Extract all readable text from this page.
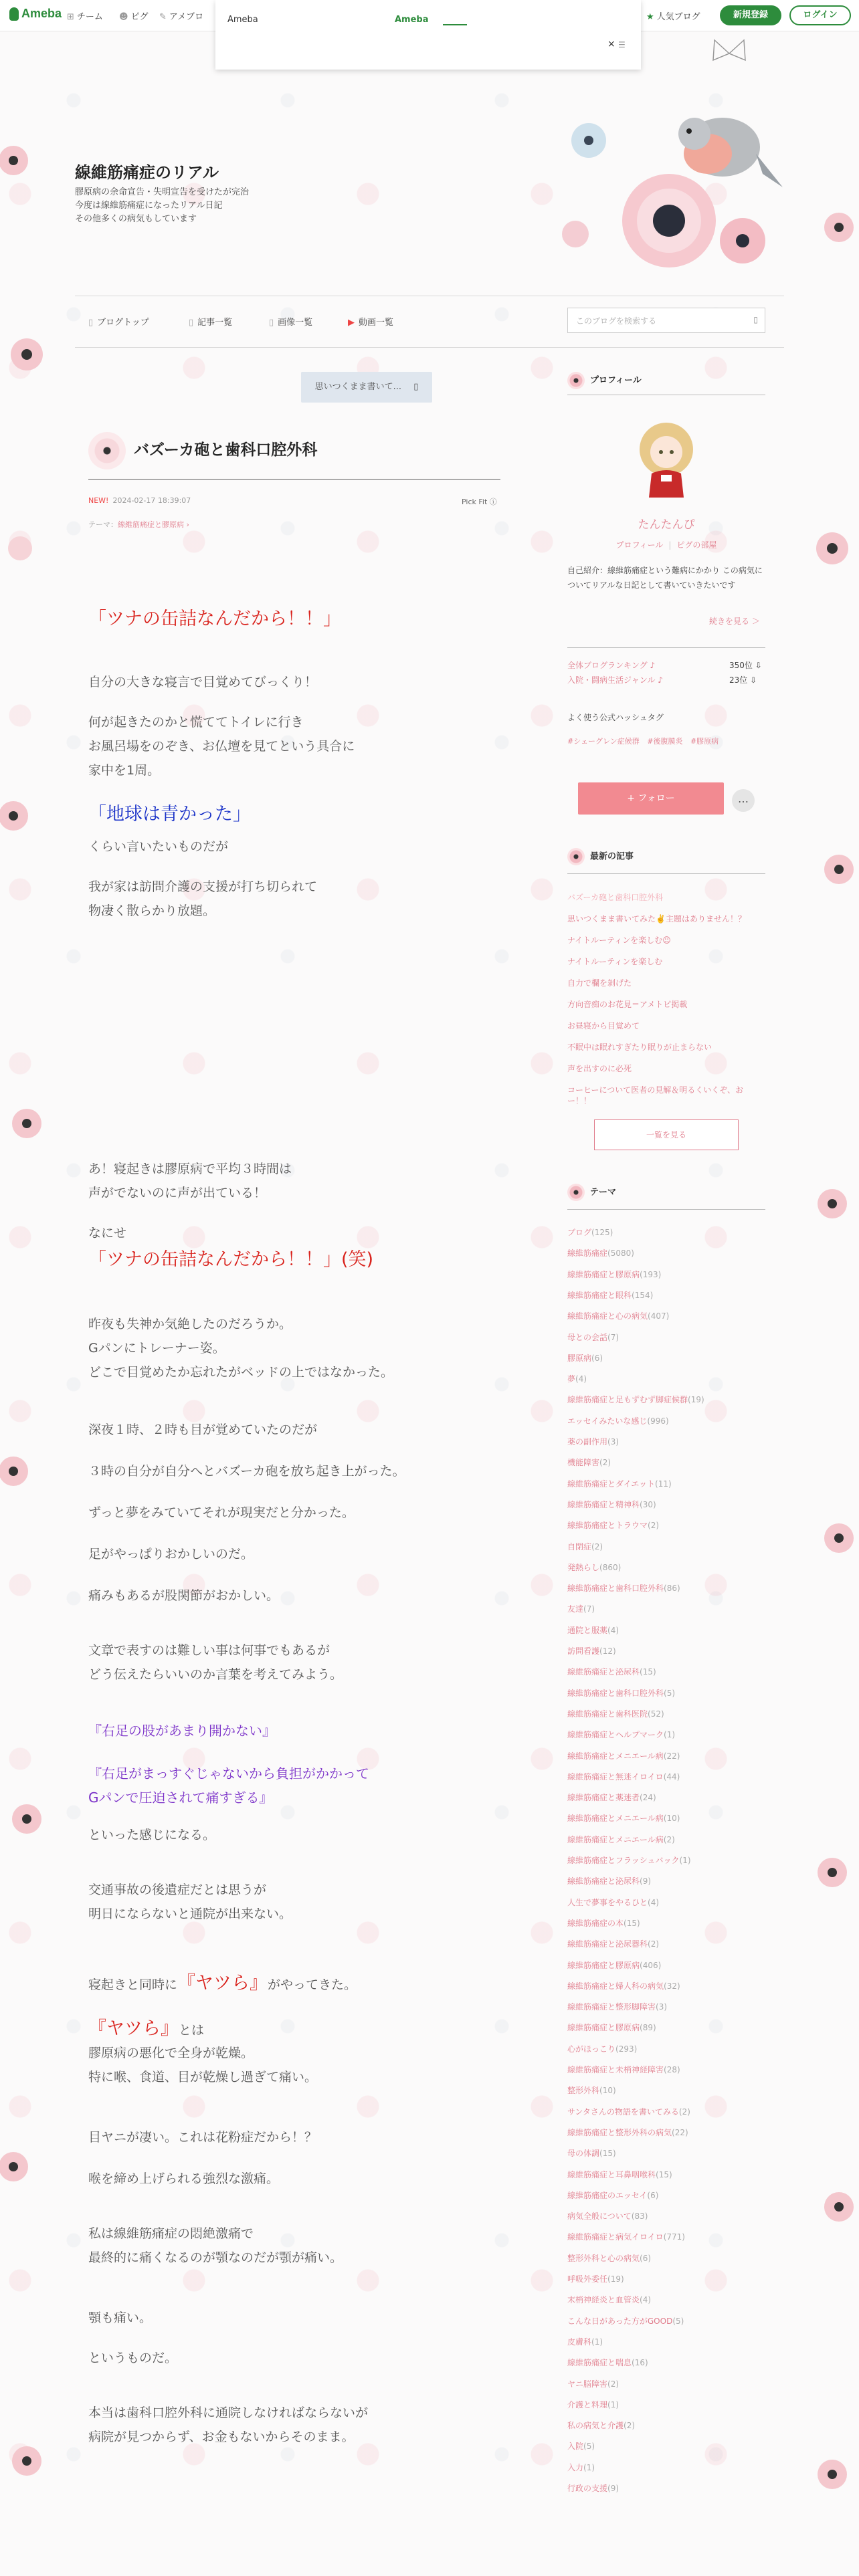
Ameba ⊞ チーム ☻ ピグ ✎ アメブロ	★ 人気ブログ	新規登録	ログイン
Ameba	Ameba
× ☰
線維筋痛症のリアル
膠原病の余命宣告・失明宣告を受けたが完治
今度は線維筋痛症になったリアル日記
その他多くの病気もしています
▯ ブログトップ	▯ 記事一覧	▯ 画像一覧	▶ 動画一覧	このブログを検索する	▯
思いつくまま書いて... ▯
バズーカ砲と歯科口腔外科
NEW! 2024-02-17 18:39:07	Pick Fit ⓘ
テーマ：線維筋痛症と膠原病 ›
「ツナの缶詰なんだから！！」
自分の大きな寝言で目覚めてびっくり！
何が起きたのかと慌ててトイレに行き
お風呂場をのぞき、お仏壇を見てという具合に
家中を1周。
「地球は青かった」
くらい言いたいものだが
我が家は訪問介護の支援が打ち切られて
物凄く散らかり放題。
あ！寝起きは膠原病で平均３時間は
声がでないのに声が出ている！
なにせ
「ツナの缶詰なんだから！！」(笑)
昨夜も失神か気絶したのだろうか。
Gパンにトレーナー姿。
どこで目覚めたか忘れたがベッドの上ではなかった。
深夜１時、２時も目が覚めていたのだが
３時の自分が自分へとバズーカ砲を放ち起き上がった。
ずっと夢をみていてそれが現実だと分かった。
足がやっぱりおかしいのだ。
痛みもあるが股関節がおかしい。
文章で表すのは難しい事は何事でもあるが
どう伝えたらいいのか言葉を考えてみよう。
『右足の股があまり開かない』
『右足がまっすぐじゃないから負担がかかって
Gパンで圧迫されて痛すぎる』
といった感じになる。
交通事故の後遺症だとは思うが
明日にならないと通院が出来ない。
寝起きと同時に『ヤツら』がやってきた。
『ヤツら』とは
膠原病の悪化で全身が乾燥。
特に喉、食道、目が乾燥し過ぎて痛い。
目ヤニが凄い。これは花粉症だから！？
喉を締め上げられる強烈な激痛。
私は線維筋痛症の悶絶激痛で
最終的に痛くなるのが顎なのだが顎が痛い。
顎も痛い。
というものだ。
本当は歯科口腔外科に通院しなければならないが
病院が見つからず、お金もないからそのまま。
プロフィール
たんたんぴ
プロフィール | ピグの部屋
自己紹介：線維筋痛症という難病にかかり この病気についてリアルな日記として書いていきたいです
続きを見る ＞
全体ブログランキング ♪	350位 ⇩
入院・闘病生活ジャンル ♪	23位 ⇩
よく使う公式ハッシュタグ
#シェーグレン症候群 #後腹膜炎 #膠原病
+ フォロー	…
最新の記事
バズーカ砲と歯科口腔外科
思いつくまま書いてみた✌️主題はありません！？
ナイトルーティンを楽しむ☺
ナイトルーティンを楽しむ
自力で欄を剝げた
方向音痴のお花見＝アメトピ掲載
お昼寝から目覚めて
不眠中は眠れすぎたり眠りが止まらない
声を出すのに必死
コーヒーについて医者の見解＆明るくいくぞ、おー！！
一覧を見る
テーマ
ブログ(125)
線維筋痛症(5080)
線維筋痛症と膠原病(193)
線維筋痛症と眼科(154)
線維筋痛症と心の病気(407)
母との会話(7)
膠原病(6)
夢(4)
線維筋痛症と足もずむず脚症候群(19)
エッセイみたいな感じ(996)
薬の副作用(3)
機能障害(2)
線維筋痛症とダイエット(11)
線維筋痛症と精神科(30)
線維筋痛症とトラウマ(2)
自閉症(2)
発熱らし(860)
線維筋痛症と歯科口腔外科(86)
友達(7)
通院と服薬(4)
訪問看護(12)
線維筋痛症と泌尿科(15)
線維筋痛症と歯科口腔外科(5)
線維筋痛症と歯科医院(52)
線維筋痛症とヘルプマーク(1)
線維筋痛症とメニエール病(22)
線維筋痛症と無迷イロイロ(44)
線維筋痛症と薬迷者(24)
線維筋痛症とメニエール病(10)
線維筋痛症とメニエール病(2)
線維筋痛症とフラッシュバック(1)
線維筋痛症と泌尿科(9)
人生で夢事をやるひと(4)
線維筋痛症の本(15)
線維筋痛症と泌尿器科(2)
線維筋痛症と膠原病(406)
線維筋痛症と婦人科の病気(32)
線維筋痛症と整形脚障害(3)
線維筋痛症と膠原病(89)
心がほっこり(293)
線維筋痛症と未梢神経障害(28)
整形外科(10)
サンタさんの物語を書いてみる(2)
線維筋痛症と整形外科の病気(22)
母の体調(15)
線維筋痛症と耳鼻咽喉科(15)
線維筋痛症のエッセイ(6)
病気全般について(83)
線維筋痛症と病気イロイロ(771)
整形外科と心の病気(6)
呼吸外委任(19)
末梢神経炎と血管炎(4)
こんな日があった方がGOOD(5)
皮膚科(1)
線維筋痛症と喘息(16)
ヤニ脳障害(2)
介護と料理(1)
私の病気と介護(2)
入院(5)
入力(1)
行政の支援(9)
